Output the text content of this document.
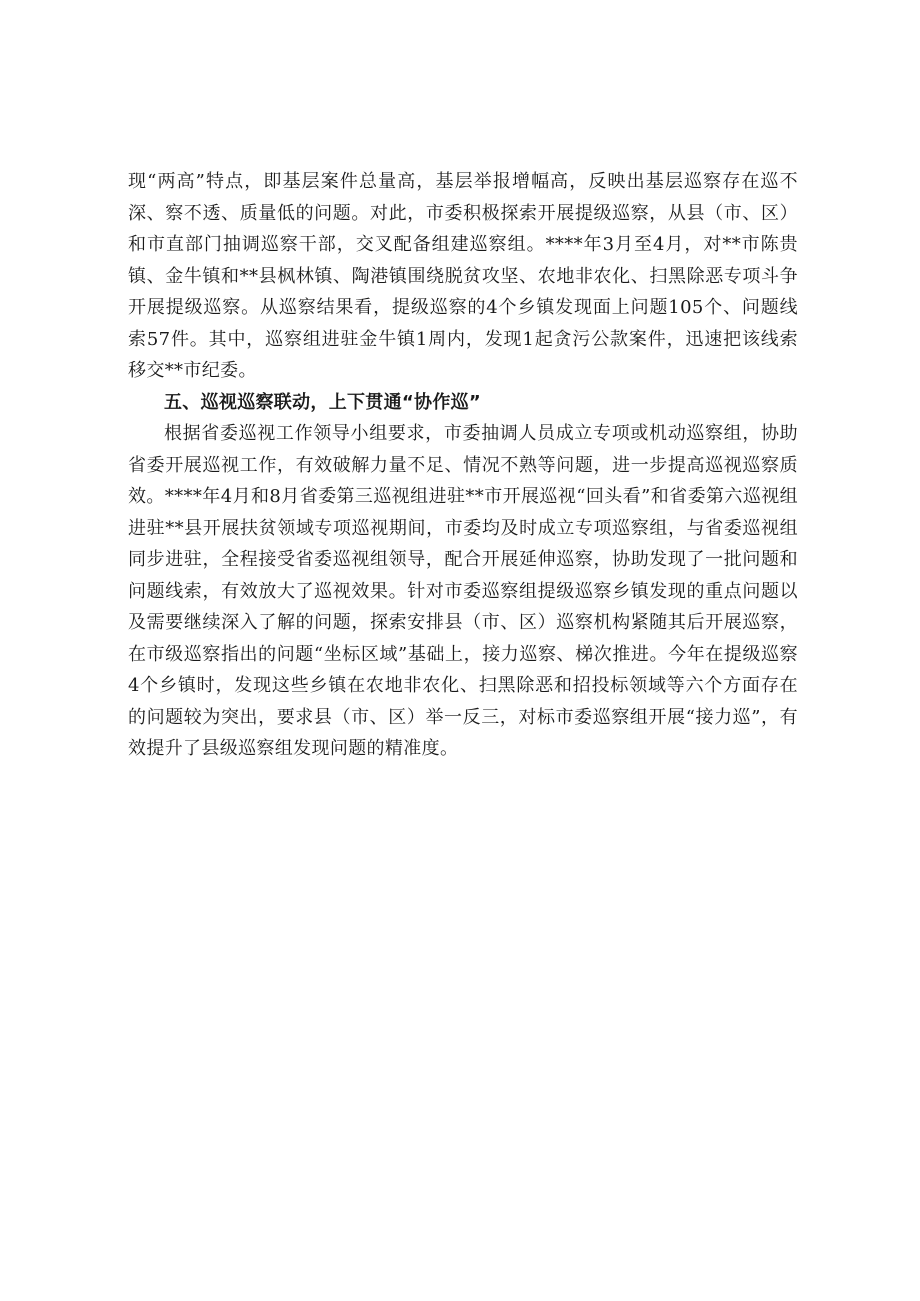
现“两高”特点，即基层案件总量高，基层举报增幅高，反映出基层巡察存在巡不深、察不透、质量低的问题。对此，市委积极探索开展提级巡察，从县（市、区）和市直部门抽调巡察干部，交叉配备组建巡察组。****年3月至4月，对**市陈贵镇、金牛镇和**县枫林镇、陶港镇围绕脱贫攻坚、农地非农化、扫黑除恶专项斗争开展提级巡察。从巡察结果看，提级巡察的4个乡镇发现面上问题105个、问题线索57件。其中，巡察组进驻金牛镇1周内，发现1起贪污公款案件，迅速把该线索移交**市纪委。

五、巡视巡察联动，上下贯通“协作巡”

根据省委巡视工作领导小组要求，市委抽调人员成立专项或机动巡察组，协助省委开展巡视工作，有效破解力量不足、情况不熟等问题，进一步提高巡视巡察质效。****年4月和8月省委第三巡视组进驻**市开展巡视“回头看”和省委第六巡视组进驻**县开展扶贫领域专项巡视期间，市委均及时成立专项巡察组，与省委巡视组同步进驻，全程接受省委巡视组领导，配合开展延伸巡察，协助发现了一批问题和问题线索，有效放大了巡视效果。针对市委巡察组提级巡察乡镇发现的重点问题以及需要继续深入了解的问题，探索安排县（市、区）巡察机构紧随其后开展巡察，在市级巡察指出的问题“坐标区域”基础上，接力巡察、梯次推进。今年在提级巡察4个乡镇时，发现这些乡镇在农地非农化、扫黑除恶和招投标领域等六个方面存在的问题较为突出，要求县（市、区）举一反三，对标市委巡察组开展“接力巡”，有效提升了县级巡察组发现问题的精准度。
